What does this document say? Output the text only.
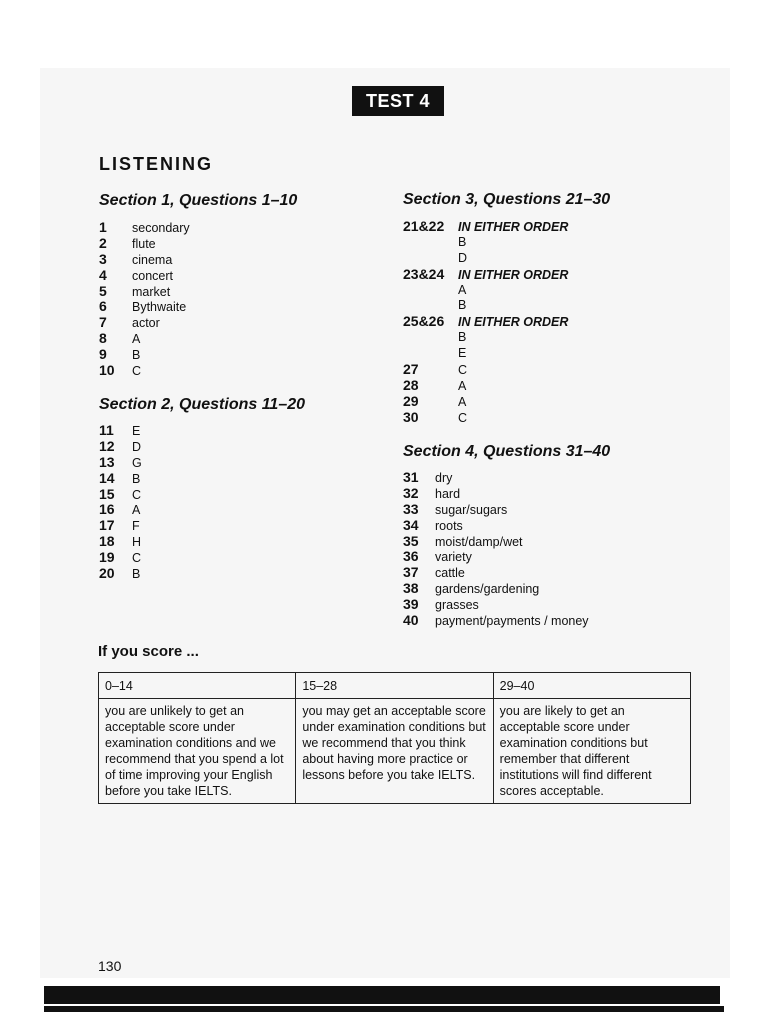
TEST 4
LISTENING
Section 1, Questions 1–10
1	secondary
2	flute
3	cinema
4	concert
5	market
6	Bythwaite
7	actor
8	A
9	B
10	C
Section 2, Questions 11–20
11	E
12	D
13	G
14	B
15	C
16	A
17	F
18	H
19	C
20	B
Section 3, Questions 21–30
21&22	IN EITHER ORDER
B
D
23&24	IN EITHER ORDER
A
B
25&26	IN EITHER ORDER
B
E
27	C
28	A
29	A
30	C
Section 4, Questions 31–40
31	dry
32	hard
33	sugar/sugars
34	roots
35	moist/damp/wet
36	variety
37	cattle
38	gardens/gardening
39	grasses
40	payment/payments / money
If you score ...
0–14	15–28	29–40
you are unlikely to get an acceptable score under examination conditions and we recommend that you spend a lot of time improving your English before you take IELTS.	you may get an acceptable score under examination conditions but we recommend that you think about having more practice or lessons before you take IELTS.	you are likely to get an acceptable score under examination conditions but remember that different institutions will find different scores acceptable.
130
